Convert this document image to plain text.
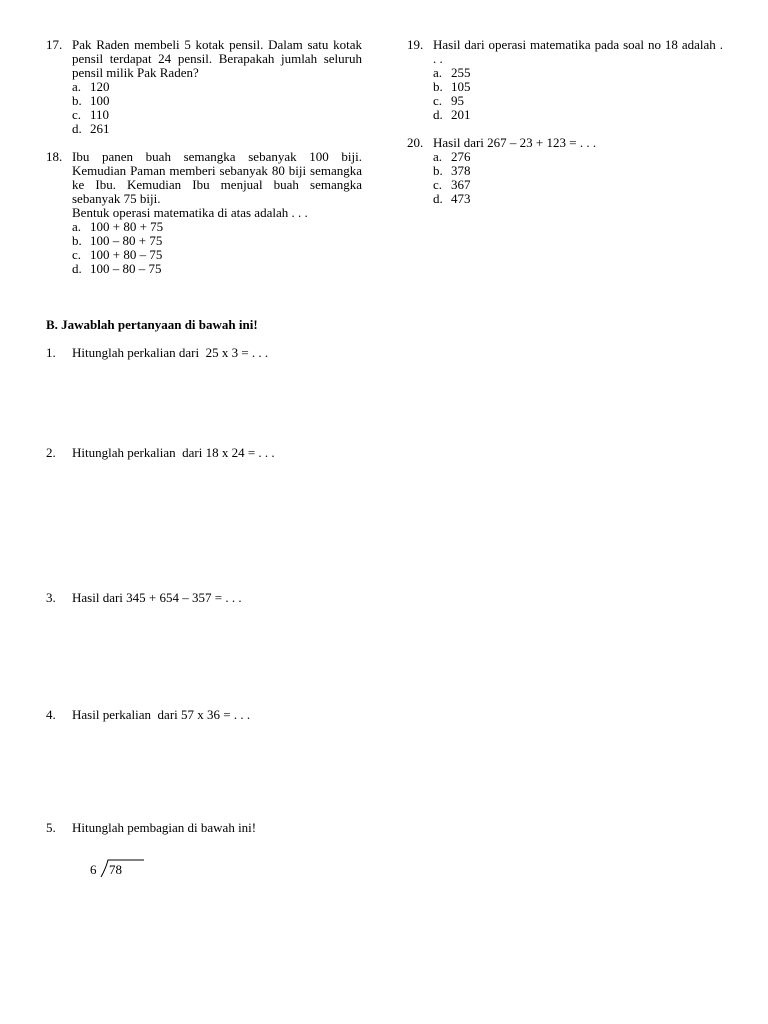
17. Pak Raden membeli 5 kotak pensil. Dalam satu kotak pensil terdapat 24 pensil. Berapakah jumlah seluruh pensil milik Pak Raden?
a. 120
b. 100
c. 110
d. 261
18. Ibu panen buah semangka sebanyak 100 biji. Kemudian Paman memberi sebanyak 80 biji semangka ke Ibu. Kemudian Ibu menjual buah semangka sebanyak 75 biji.
Bentuk operasi matematika di atas adalah . . .
a. 100 + 80 + 75
b. 100 – 80 + 75
c. 100 + 80 – 75
d. 100 – 80 – 75
19. Hasil dari operasi matematika pada soal no 18 adalah . . .
a. 255
b. 105
c. 95
d. 201
20. Hasil dari 267 – 23 + 123 = . . .
a. 276
b. 378
c. 367
d. 473
B. Jawablah pertanyaan di bawah ini!
1.	Hitunglah perkalian dari  25 x 3 = . . .
2.	Hitunglah perkalian  dari 18 x 24 = . . .
3.	Hasil dari 345 + 654 – 357 = . . .
4.	Hasil perkalian  dari 57 x 36 = . . .
5.	Hitunglah pembagian di bawah ini!
6 78
